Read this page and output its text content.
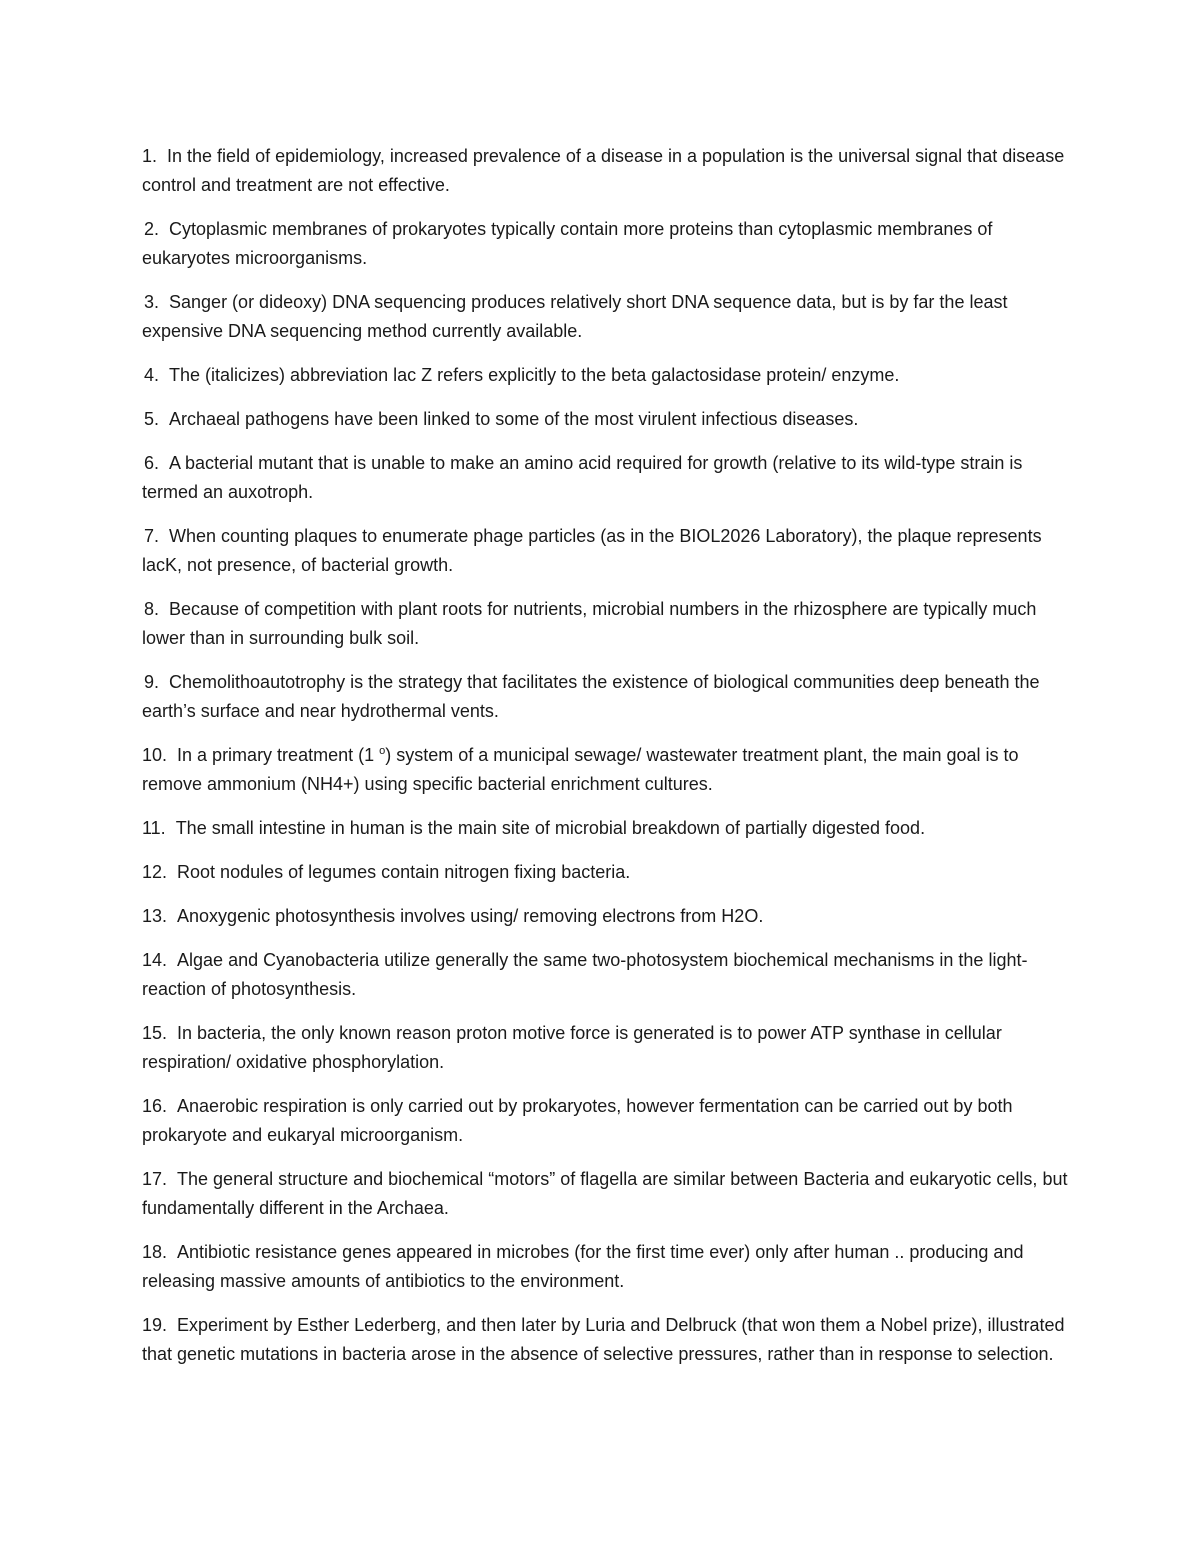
1. In the field of epidemiology, increased prevalence of a disease in a population is the universal signal that disease control and treatment are not effective.
2. Cytoplasmic membranes of prokaryotes typically contain more proteins than cytoplasmic membranes of eukaryotes microorganisms.
3. Sanger (or dideoxy) DNA sequencing produces relatively short DNA sequence data, but is by far the least expensive DNA sequencing method currently available.
4. The (italicizes) abbreviation lac Z refers explicitly to the beta galactosidase protein/ enzyme.
5. Archaeal pathogens have been linked to some of the most virulent infectious diseases.
6. A bacterial mutant that is unable to make an amino acid required for growth (relative to its wild-type strain is termed an auxotroph.
7. When counting plaques to enumerate phage particles (as in the BIOL2026 Laboratory), the plaque represents lacK, not presence, of bacterial growth.
8. Because of competition with plant roots for nutrients, microbial numbers in the rhizosphere are typically much lower than in surrounding bulk soil.
9. Chemolithoautotrophy is the strategy that facilitates the existence of biological communities deep beneath the earth’s surface and near hydrothermal vents.
10. In a primary treatment (1 $^o$) system of a municipal sewage/ wastewater treatment plant, the main goal is to remove ammonium (NH4+) using specific bacterial enrichment cultures.
11. The small intestine in human is the main site of microbial breakdown of partially digested food.
12. Root nodules of legumes contain nitrogen fixing bacteria.
13. Anoxygenic photosynthesis involves using/ removing electrons from H2O.
14. Algae and Cyanobacteria utilize generally the same two-photosystem biochemical mechanisms in the light- reaction of photosynthesis.
15. In bacteria, the only known reason proton motive force is generated is to power ATP synthase in cellular respiration/ oxidative phosphorylation.
16. Anaerobic respiration is only carried out by prokaryotes, however fermentation can be carried out by both prokaryote and eukaryal microorganism.
17. The general structure and biochemical “motors” of flagella are similar between Bacteria and eukaryotic cells, but fundamentally different in the Archaea.
18. Antibiotic resistance genes appeared in microbes (for the first time ever) only after human .. producing and releasing massive amounts of antibiotics to the environment.
19. Experiment by Esther Lederberg, and then later by Luria and Delbruck (that won them a Nobel prize), illustrated that genetic mutations in bacteria arose in the absence of selective pressures, rather than in response to selection.
